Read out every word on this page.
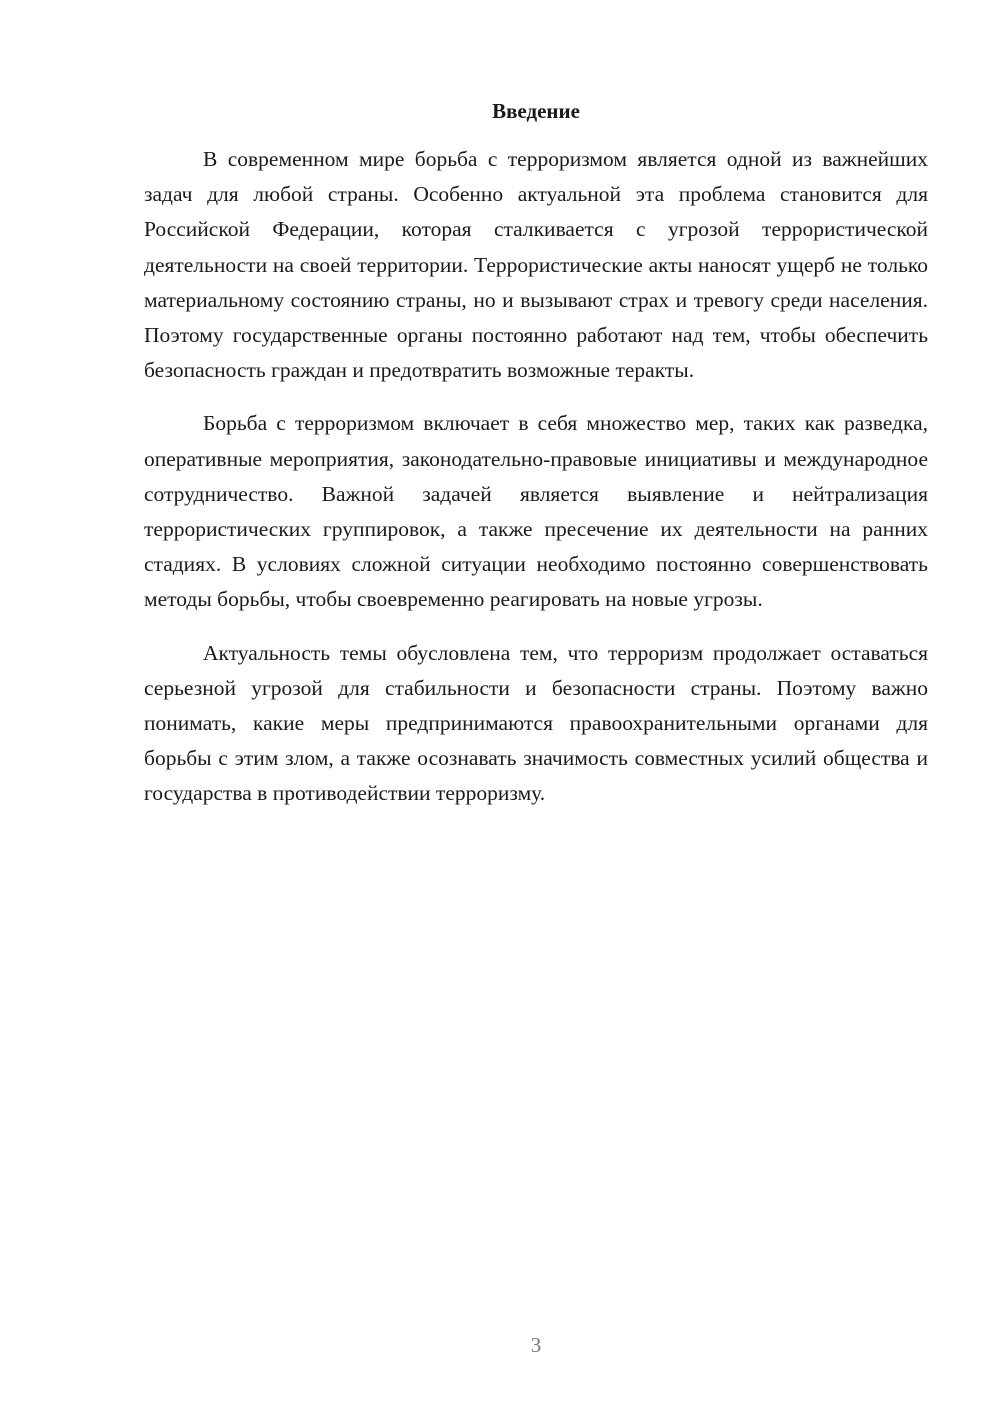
Введение

В современном мире борьба с терроризмом является одной из важнейших задач для любой страны. Особенно актуальной эта проблема становится для Российской Федерации, которая сталкивается с угрозой террористической деятельности на своей территории. Террористические акты наносят ущерб не только материальному состоянию страны, но и вызывают страх и тревогу среди населения. Поэтому государственные органы постоянно работают над тем, чтобы обеспечить безопасность граждан и предотвратить возможные теракты.

Борьба с терроризмом включает в себя множество мер, таких как разведка, оперативные мероприятия, законодательно-правовые инициативы и международное сотрудничество. Важной задачей является выявление и нейтрализация террористических группировок, а также пресечение их деятельности на ранних стадиях. В условиях сложной ситуации необходимо постоянно совершенствовать методы борьбы, чтобы своевременно реагировать на новые угрозы.

Актуальность темы обусловлена тем, что терроризм продолжает оставаться серьезной угрозой для стабильности и безопасности страны. Поэтому важно понимать, какие меры предпринимаются правоохранительными органами для борьбы с этим злом, а также осознавать значимость совместных усилий общества и государства в противодействии терроризму.

3
